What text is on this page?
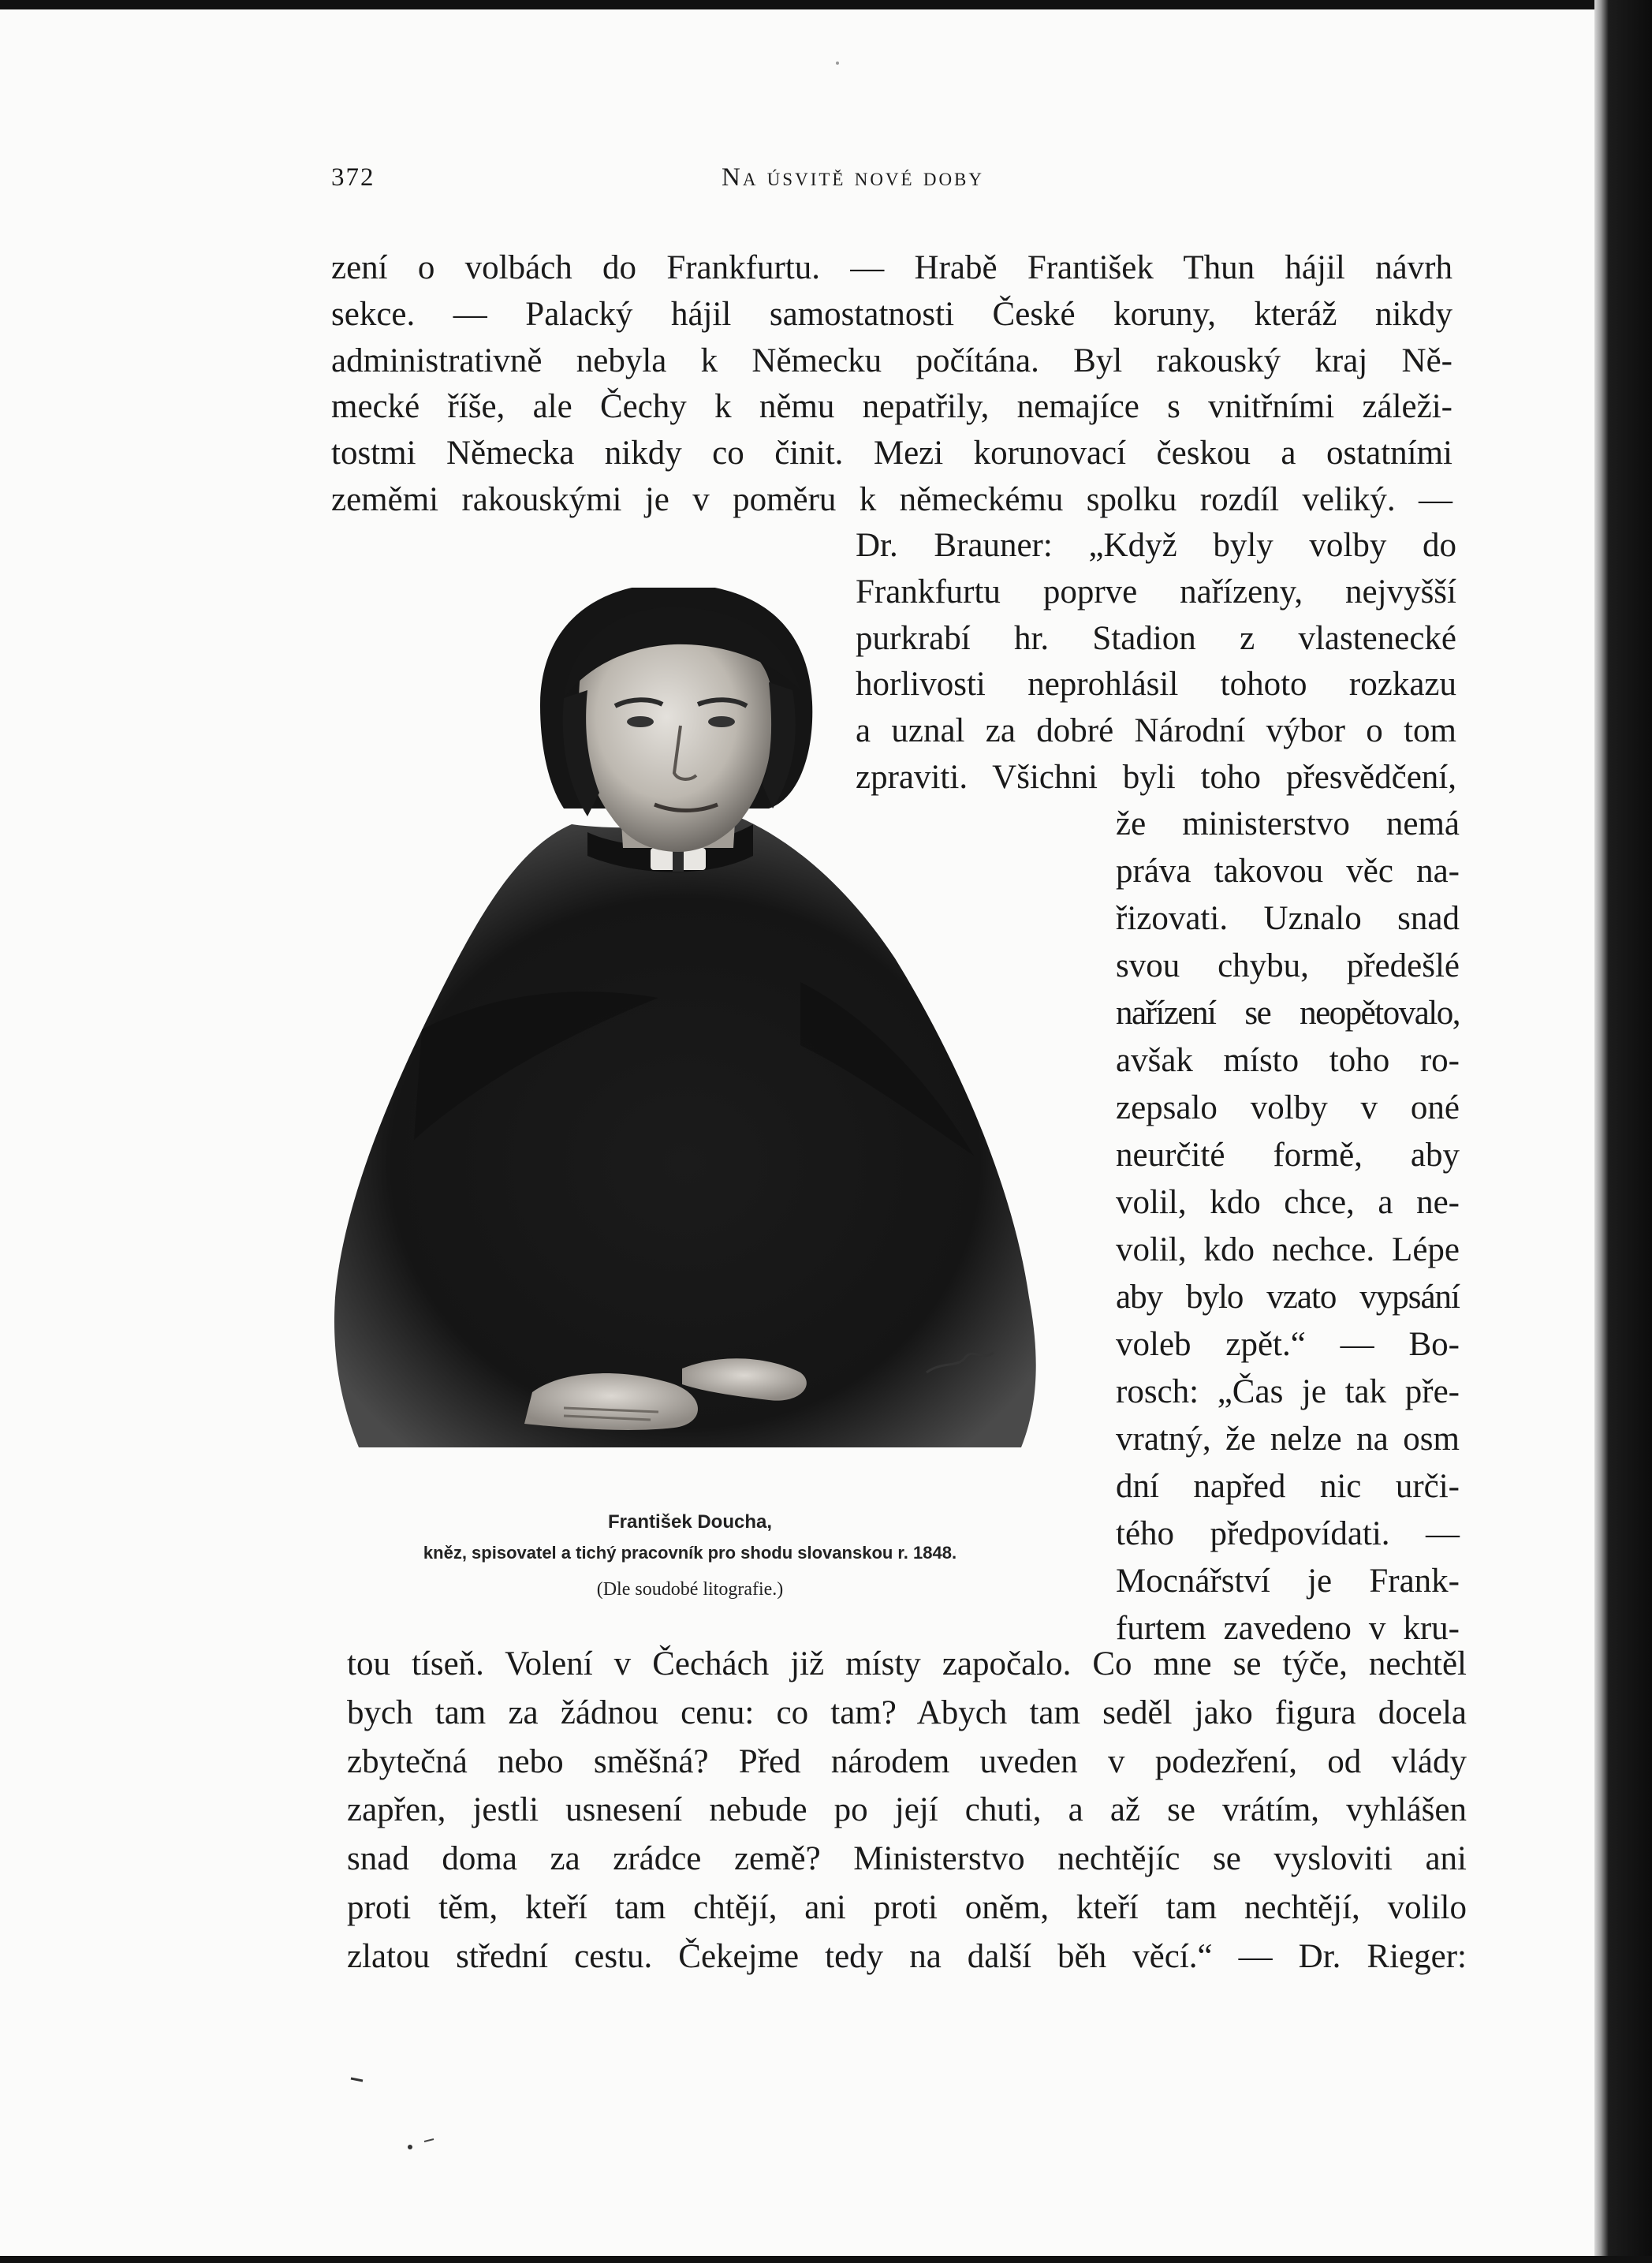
372	Na úsvitě nové doby
zení o volbách do Frankfurtu. — Hrabě František Thun hájil návrh
sekce. — Palacký hájil samostatnosti České koruny, kteráž nikdy
administrativně nebyla k Německu počítána. Byl rakouský kraj Ně-
mecké říše, ale Čechy k němu nepatřily, nemajíce s vnitřními záleži-
tostmi Německa nikdy co činit. Mezi korunovací českou a ostatními
zeměmi rakouskými je v poměru k německému spolku rozdíl veliký. —
Dr. Brauner: „Když byly volby do
Frankfurtu poprve nařízeny, nejvyšší
purkrabí hr. Stadion z vlastenecké
horlivosti neprohlásil tohoto rozkazu
a uznal za dobré Národní výbor o tom
zpraviti. Všichni byli toho přesvědčení,
že ministerstvo nemá
práva takovou věc na-
řizovati. Uznalo snad
svou chybu, předešlé
nařízení se neopětovalo,
avšak místo toho ro-
zepsalo volby v oné
neurčité formě, aby
volil, kdo chce, a ne-
volil, kdo nechce. Lépe
aby bylo vzato vypsání
voleb zpět.“ — Bo-
rosch: „Čas je tak pře-
vratný, že nelze na osm
dní napřed nic urči-
tého předpovídati. —
Mocnářství je Frank-
furtem zavedeno v kru-
tou tíseň. Volení v Čechách již místy započalo. Co mne se týče, nechtěl
bych tam za žádnou cenu: co tam? Abych tam seděl jako figura docela
zbytečná nebo směšná? Před národem uveden v podezření, od vlády
zapřen, jestli usnesení nebude po její chuti, a až se vrátím, vyhlášen
snad doma za zrádce země? Ministerstvo nechtějíc se vysloviti ani
proti těm, kteří tam chtějí, ani proti oněm, kteří tam nechtějí, volilo
zlatou střední cestu. Čekejme tedy na další běh věcí.“ — Dr. Rieger:
František Doucha,
kněz, spisovatel a tichý pracovník pro shodu slovanskou r. 1848.
(Dle soudobé litografie.)
